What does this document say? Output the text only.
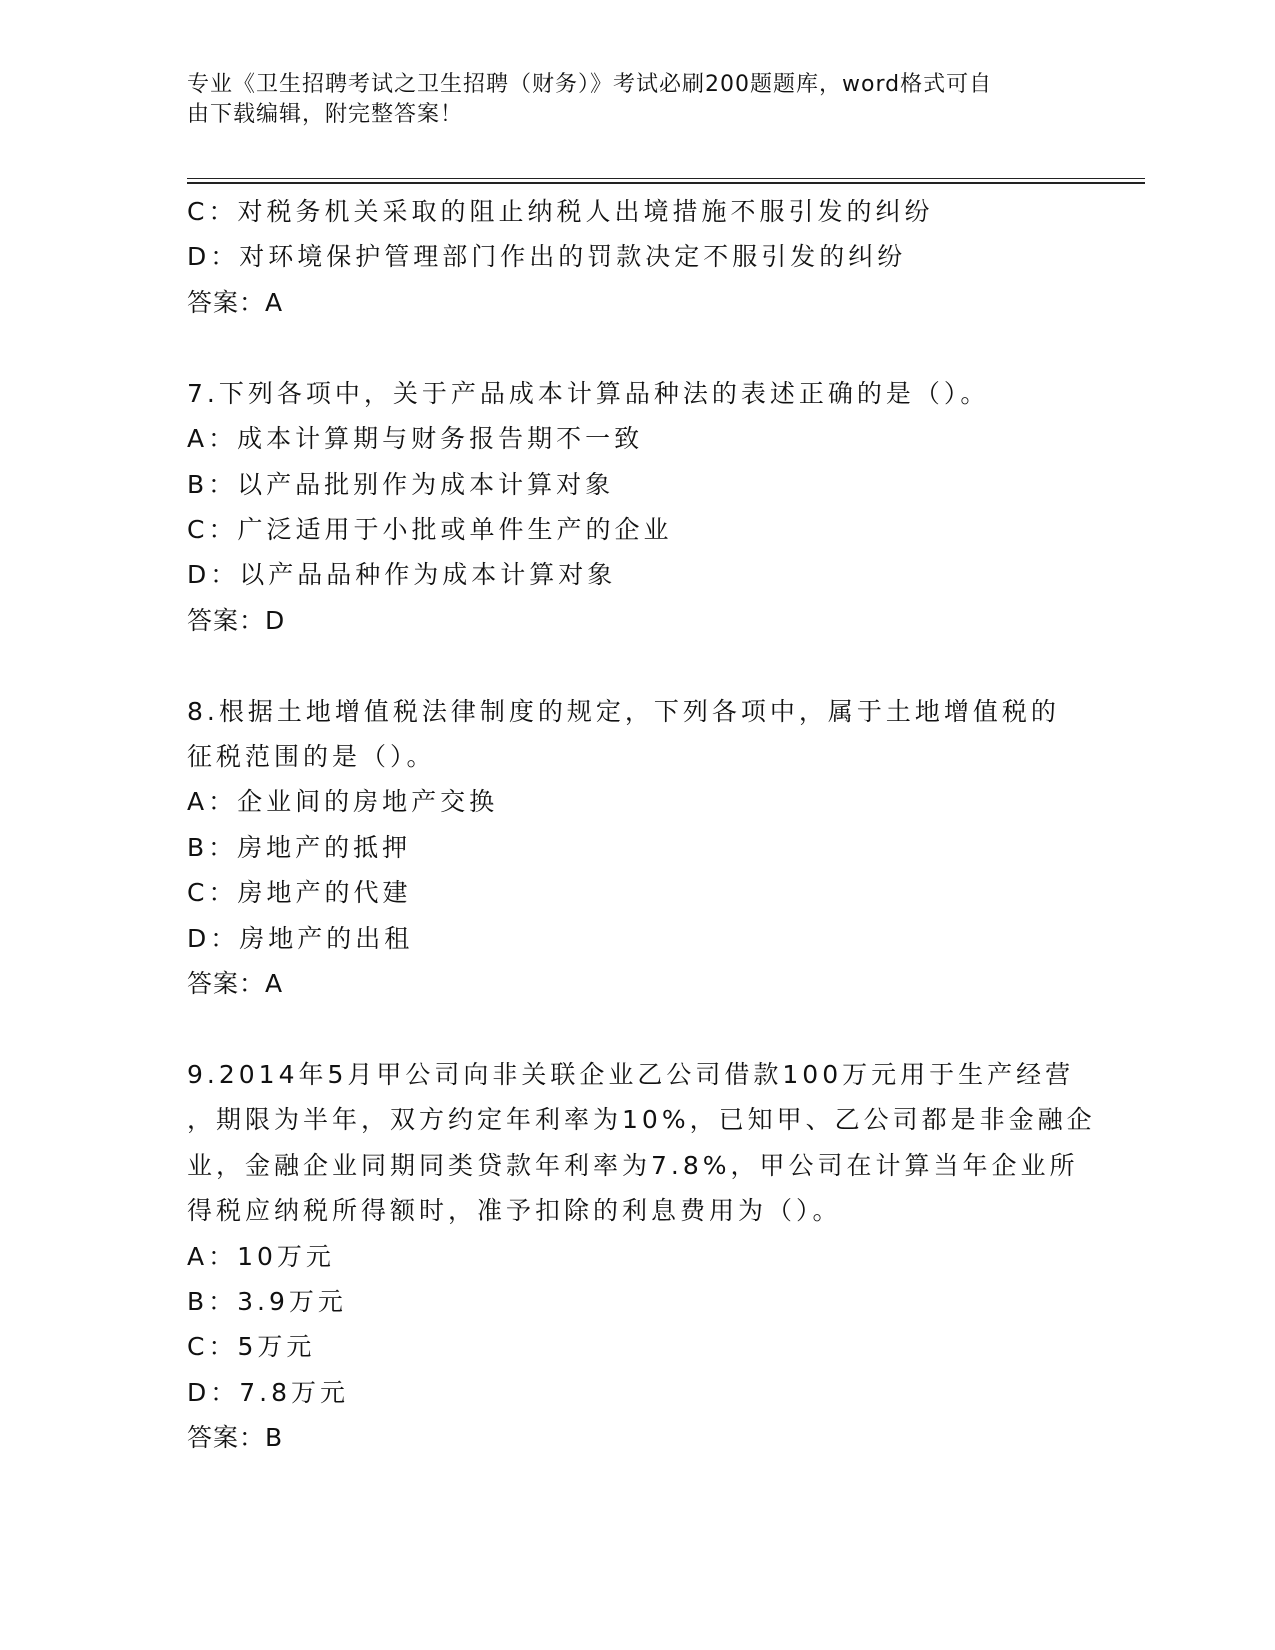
专业《卫生招聘考试之卫生招聘（财务）》考试必刷200题题库，word格式可自
由下载编辑，附完整答案！
C：对税务机关采取的阻止纳税人出境措施不服引发的纠纷
D：对环境保护管理部门作出的罚款决定不服引发的纠纷
答案：A
7.下列各项中，关于产品成本计算品种法的表述正确的是（）。
A：成本计算期与财务报告期不一致
B：以产品批别作为成本计算对象
C：广泛适用于小批或单件生产的企业
D：以产品品种作为成本计算对象
答案：D
8.根据土地增值税法律制度的规定，下列各项中，属于土地增值税的
征税范围的是（）。
A：企业间的房地产交换
B：房地产的抵押
C：房地产的代建
D：房地产的出租
答案：A
9.2014年5月甲公司向非关联企业乙公司借款100万元用于生产经营
，期限为半年，双方约定年利率为10%，已知甲、乙公司都是非金融企
业，金融企业同期同类贷款年利率为7.8%，甲公司在计算当年企业所
得税应纳税所得额时，准予扣除的利息费用为（）。
A：10万元
B：3.9万元
C：5万元
D：7.8万元
答案：B
